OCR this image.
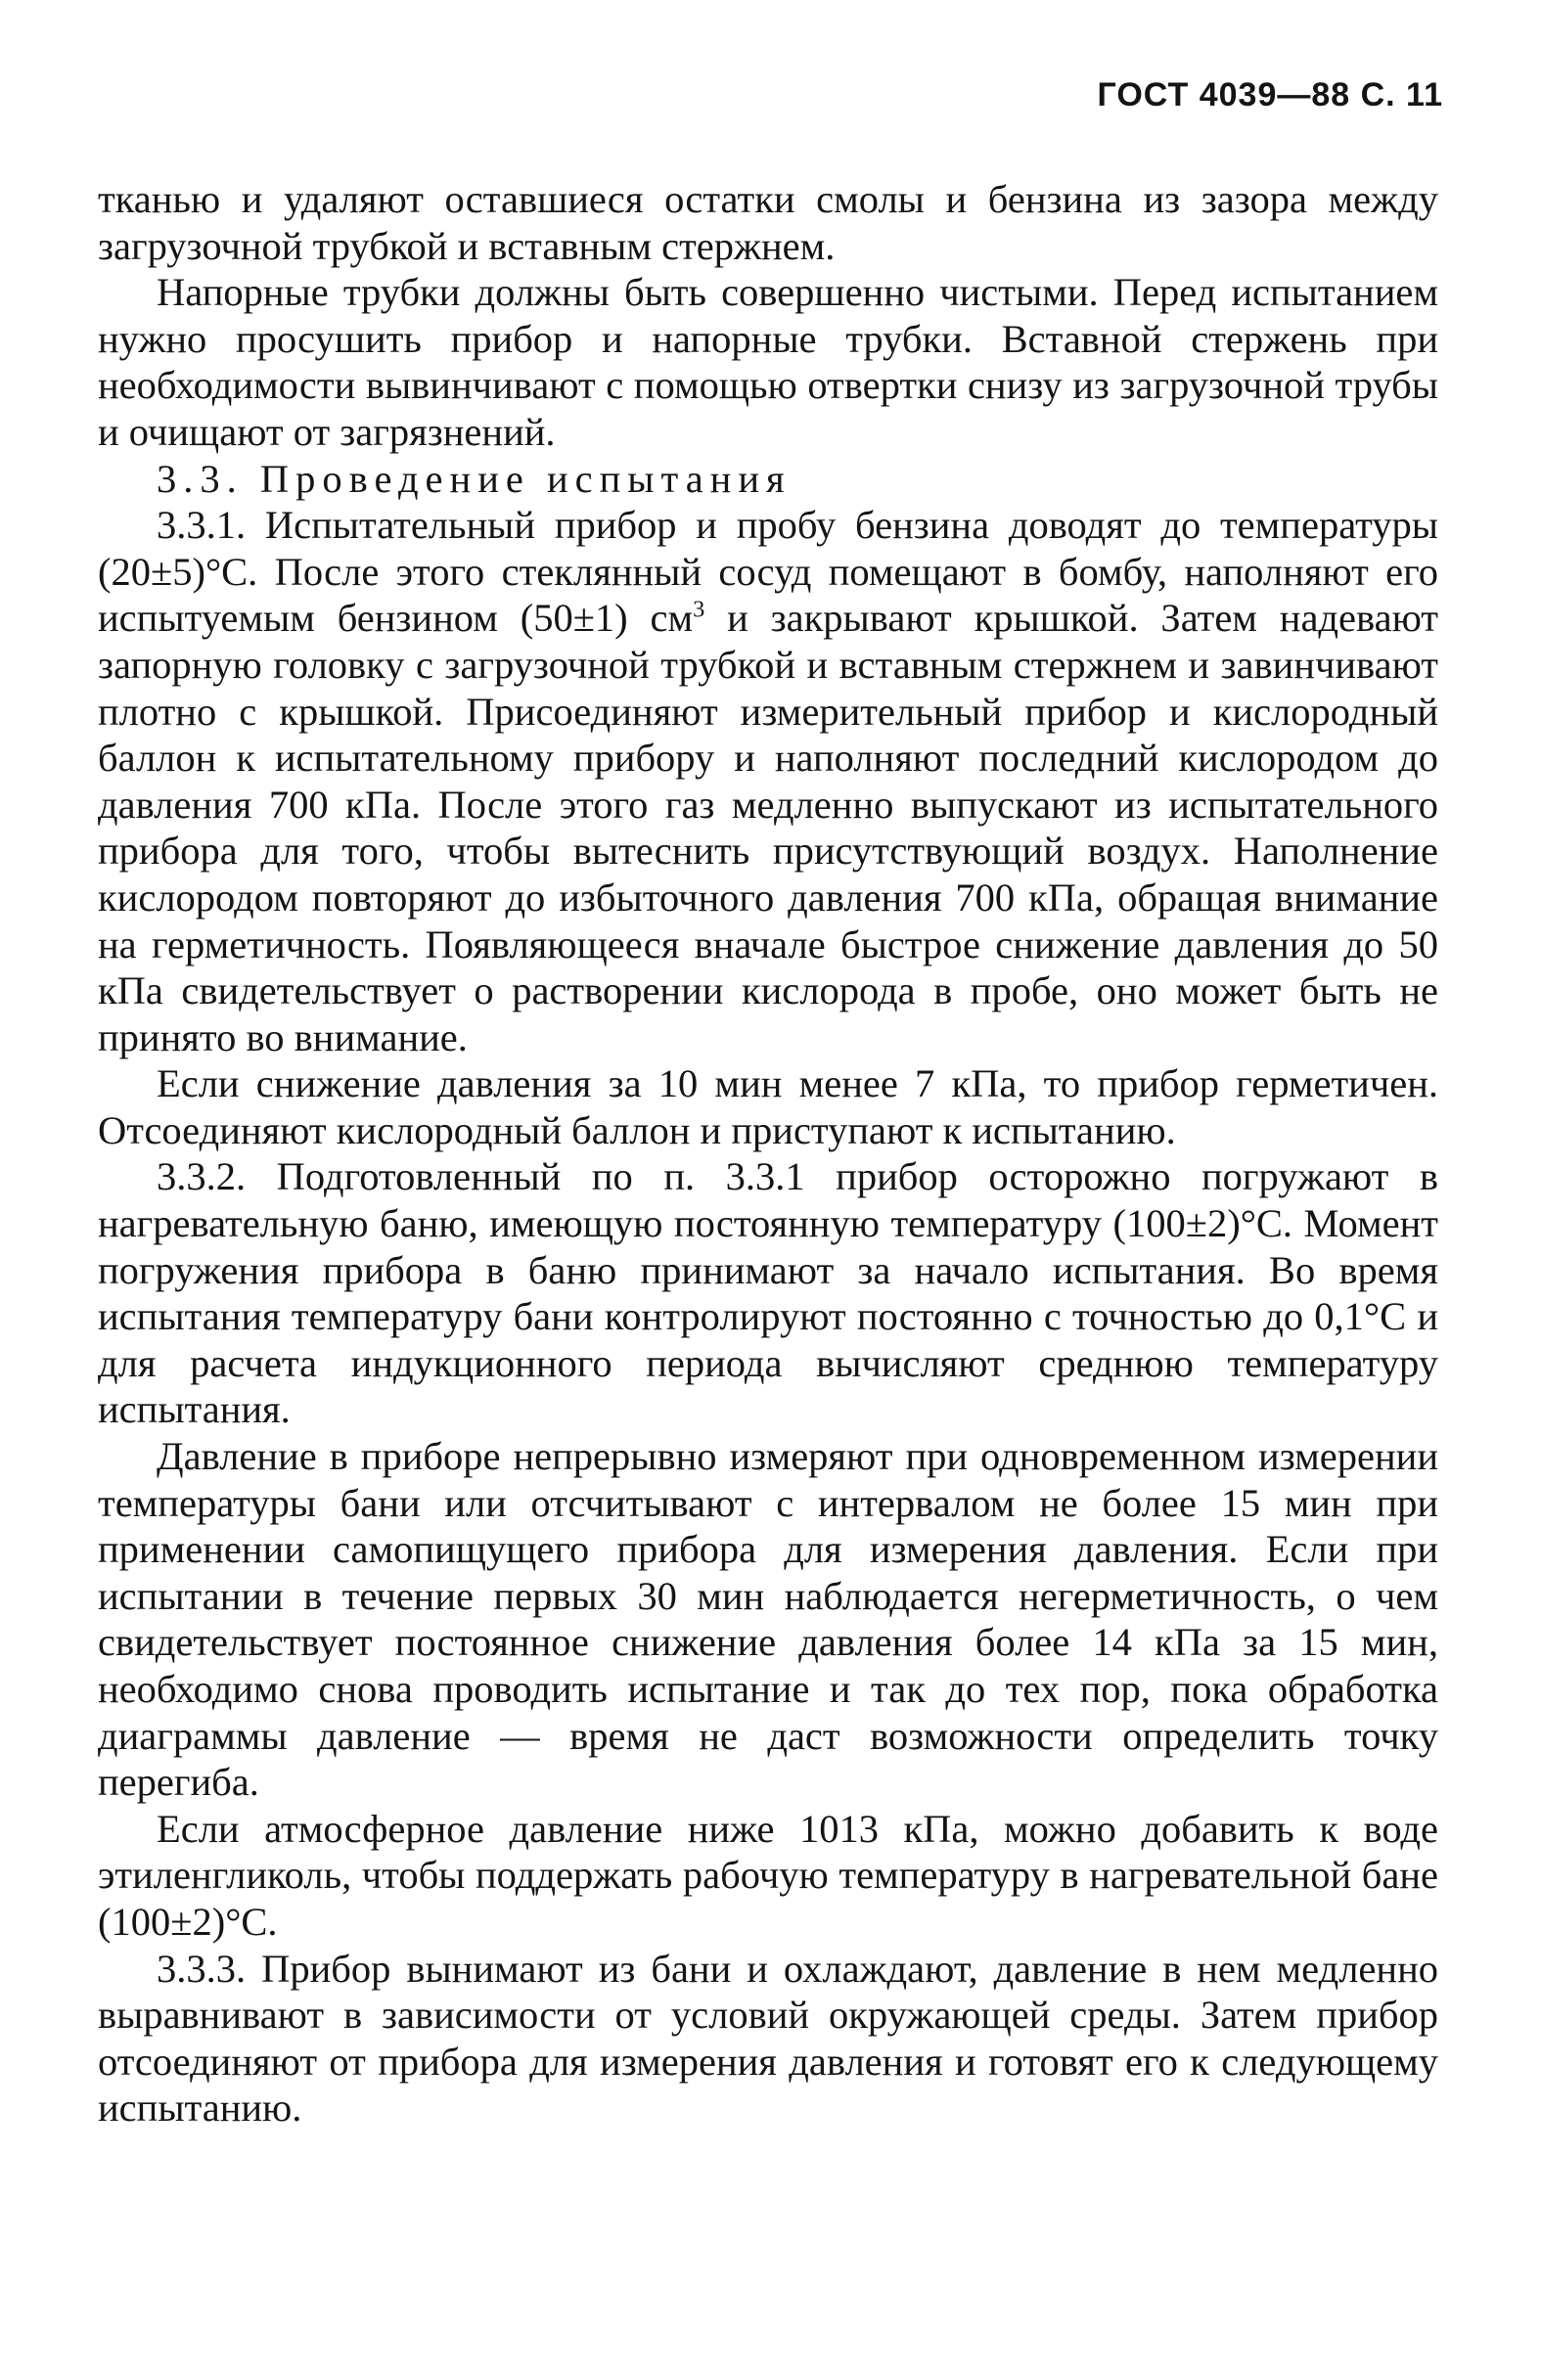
ГОСТ 4039—88 С. 11

тканью и удаляют оставшиеся остатки смолы и бензина из зазора между загрузочной трубкой и вставным стержнем.

Напорные трубки должны быть совершенно чистыми. Перед испытанием нужно просушить прибор и напорные трубки. Вставной стержень при необходимости вывинчивают с помощью отвертки снизу из загрузочной трубы и очищают от загрязнений.

3.3. Проведение испытания

3.3.1. Испытательный прибор и пробу бензина доводят до температуры (20±5)°С. После этого стеклянный сосуд помещают в бомбу, наполняют его испытуемым бензином (50±1) $см^3$ и закрывают крышкой. Затем надевают запорную головку с загрузочной трубкой и вставным стержнем и завинчивают плотно с крышкой. Присоединяют измерительный прибор и кислородный баллон к испытательному прибору и наполняют последний кислородом до давления 700 кПа. После этого газ медленно выпускают из испытательного прибора для того, чтобы вытеснить присутствующий воздух. Наполнение кислородом повторяют до избыточного давления 700 кПа, обращая внимание на герметичность. Появляющееся вначале быстрое снижение давления до 50 кПа свидетельствует о растворении кислорода в пробе, оно может быть не принято во внимание.

Если снижение давления за 10 мин менее 7 кПа, то прибор герметичен. Отсоединяют кислородный баллон и приступают к испытанию.

3.3.2. Подготовленный по п. 3.3.1 прибор осторожно погружают в нагревательную баню, имеющую постоянную температуру (100±2)°С. Момент погружения прибора в баню принимают за начало испытания. Во время испытания температуру бани контролируют постоянно с точностью до 0,1°С и для расчета индукционного периода вычисляют среднюю температуру испытания.

Давление в приборе непрерывно измеряют при одновременном измерении температуры бани или отсчитывают с интервалом не более 15 мин при применении самопищущего прибора для измерения давления. Если при испытании в течение первых 30 мин наблюдается негерметичность, о чем свидетельствует постоянное снижение давления более 14 кПа за 15 мин, необходимо снова проводить испытание и так до тех пор, пока обработка диаграммы давление — время не даст возможности определить точку перегиба.

Если атмосферное давление ниже 1013 кПа, можно добавить к воде этиленгликоль, чтобы поддержать рабочую температуру в нагревательной бане (100±2)°С.

3.3.3. Прибор вынимают из бани и охлаждают, давление в нем медленно выравнивают в зависимости от условий окружающей среды. Затем прибор отсоединяют от прибора для измерения давления и готовят его к следующему испытанию.
